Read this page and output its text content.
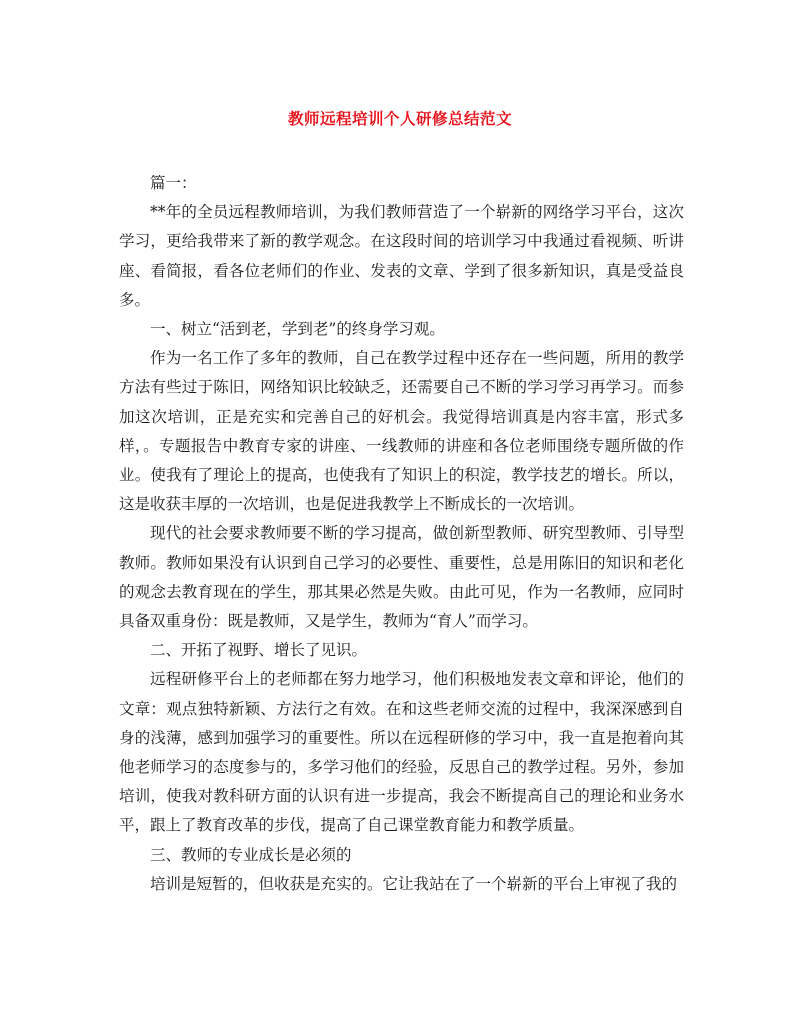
教师远程培训个人研修总结范文

篇一：

**年的全员远程教师培训，为我们教师营造了一个崭新的网络学习平台，这次学习，更给我带来了新的教学观念。在这段时间的培训学习中我通过看视频、听讲座、看简报，看各位老师们的作业、发表的文章、学到了很多新知识，真是受益良多。

一、树立“活到老，学到老”的终身学习观。

作为一名工作了多年的教师，自己在教学过程中还存在一些问题，所用的教学方法有些过于陈旧，网络知识比较缺乏，还需要自己不断的学习学习再学习。而参加这次培训，正是充实和完善自己的好机会。我觉得培训真是内容丰富，形式多样，。专题报告中教育专家的讲座、一线教师的讲座和各位老师围绕专题所做的作业。使我有了理论上的提高，也使我有了知识上的积淀，教学技艺的增长。所以，这是收获丰厚的一次培训，也是促进我教学上不断成长的一次培训。

现代的社会要求教师要不断的学习提高，做创新型教师、研究型教师、引导型教师。教师如果没有认识到自己学习的必要性、重要性，总是用陈旧的知识和老化的观念去教育现在的学生，那其果必然是失败。由此可见，作为一名教师，应同时具备双重身份：既是教师，又是学生，教师为“育人”而学习。

二、开拓了视野、增长了见识。

远程研修平台上的老师都在努力地学习，他们积极地发表文章和评论，他们的文章：观点独特新颖、方法行之有效。在和这些老师交流的过程中，我深深感到自身的浅薄，感到加强学习的重要性。所以在远程研修的学习中，我一直是抱着向其他老师学习的态度参与的，多学习他们的经验，反思自己的教学过程。另外，参加培训，使我对教科研方面的认识有进一步提高，我会不断提高自己的理论和业务水平，跟上了教育改革的步伐，提高了自己课堂教育能力和教学质量。

三、教师的专业成长是必须的

培训是短暂的，但收获是充实的。它让我站在了一个崭新的平台上审视了我的
